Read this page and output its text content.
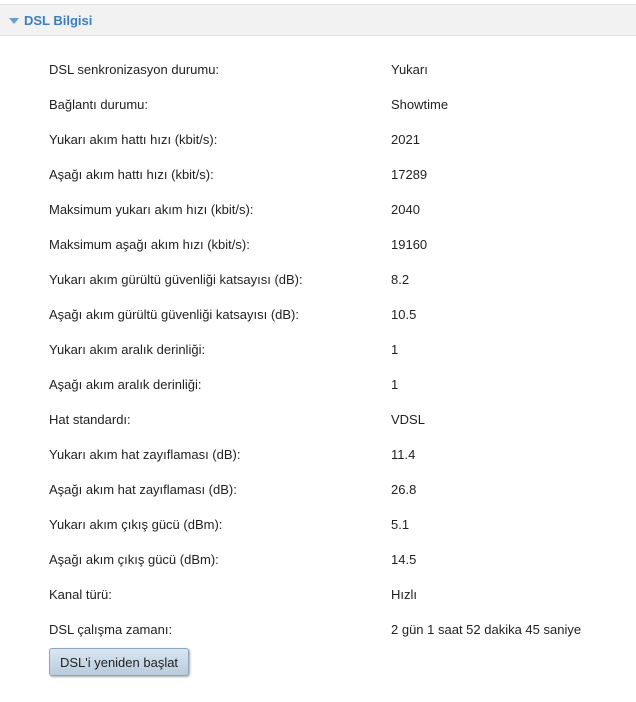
DSL Bilgisi
DSL senkronizasyon durumu:	Yukarı
Bağlantı durumu:	Showtime
Yukarı akım hattı hızı (kbit/s):	2021
Aşağı akım hattı hızı (kbit/s):	17289
Maksimum yukarı akım hızı (kbit/s):	2040
Maksimum aşağı akım hızı (kbit/s):	19160
Yukarı akım gürültü güvenliği katsayısı (dB):	8.2
Aşağı akım gürültü güvenliği katsayısı (dB):	10.5
Yukarı akım aralık derinliği:	1
Aşağı akım aralık derinliği:	1
Hat standardı:	VDSL
Yukarı akım hat zayıflaması (dB):	11.4
Aşağı akım hat zayıflaması (dB):	26.8
Yukarı akım çıkış gücü (dBm):	5.1
Aşağı akım çıkış gücü (dBm):	14.5
Kanal türü:	Hızlı
DSL çalışma zamanı:	2 gün 1 saat 52 dakika 45 saniye
DSL'i yeniden başlat
